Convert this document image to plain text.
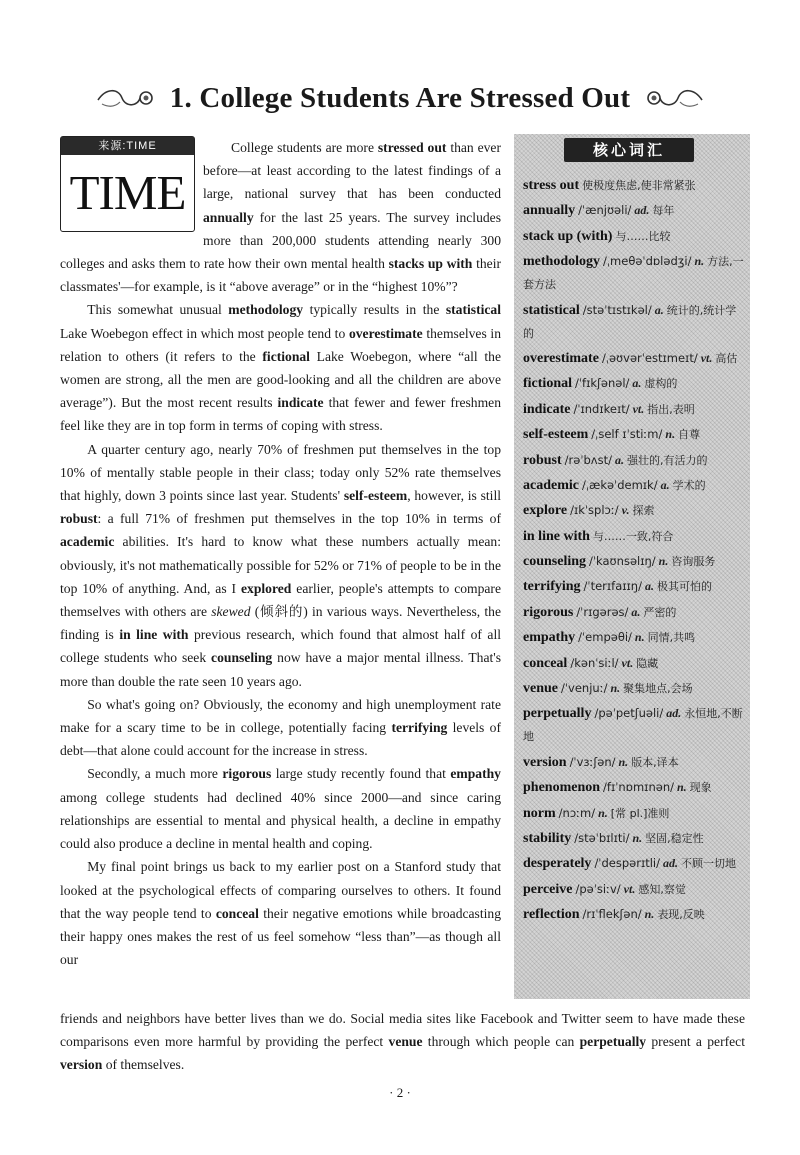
1. College Students Are Stressed Out
来源:TIME
TIME

College students are more stressed out than ever before—at least according to the latest findings of a large, national survey that has been conducted annually for the last 25 years. The survey includes more than 200,000 students attending nearly 300 colleges and asks them to rate how their own mental health stacks up with their classmates'—for example, is it “above average” or in the “highest 10%”?

This somewhat unusual methodology typically results in the statistical Lake Woebegon effect in which most people tend to overestimate themselves in relation to others (it refers to the fictional Lake Woebegon, where “all the women are strong, all the men are good-looking and all the children are above average”). But the most recent results indicate that fewer and fewer freshmen feel like they are in top form in terms of coping with stress.

A quarter century ago, nearly 70% of freshmen put themselves in the top 10% of mentally stable people in their class; today only 52% rate themselves that highly, down 3 points since last year. Students' self-esteem, however, is still robust: a full 71% of freshmen put themselves in the top 10% in terms of academic abilities. It's hard to know what these numbers actually mean: obviously, it's not mathematically possible for 52% or 71% of people to be in the top 10% of anything. And, as I explored earlier, people's attempts to compare themselves with others are skewed (倾斜的) in various ways. Nevertheless, the finding is in line with previous research, which found that almost half of all college students who seek counseling now have a major mental illness. That's more than double the rate seen 10 years ago.

So what's going on? Obviously, the economy and high unemployment rate make for a scary time to be in college, potentially facing terrifying levels of debt—that alone could account for the increase in stress.

Secondly, a much more rigorous large study recently found that empathy among college students had declined 40% since 2000—and since caring relationships are essential to mental and physical health, a decline in empathy could also produce a decline in mental health and coping.

My final point brings us back to my earlier post on a Stanford study that looked at the psychological effects of comparing ourselves to others. It found that the way people tend to conceal their negative emotions while broadcasting their happy ones makes the rest of us feel somehow “less than”—as though all our

friends and neighbors have better lives than we do. Social media sites like Facebook and Twitter seem to have made these comparisons even more harmful by providing the perfect venue through which people can perpetually present a perfect version of themselves.

核心词汇
stress out 使极度焦虑,使非常紧张
annually /ˈænjʊəli/ ad. 每年
stack up (with) 与……比较
methodology /ˌmeθəˈdɒlədʒi/ n. 方法,一套方法
statistical /stəˈtɪstɪkəl/ a. 统计的,统计学的
overestimate /ˌəʊvərˈestɪmeɪt/ vt. 高估
fictional /ˈfɪkʃənəl/ a. 虚构的
indicate /ˈɪndɪkeɪt/ vt. 指出,表明
self-esteem /ˌself ɪˈstiːm/ n. 自尊
robust /rəˈbʌst/ a. 强壮的,有活力的
academic /ˌækəˈdemɪk/ a. 学术的
explore /ɪkˈsplɔː/ v. 探索
in line with 与……一致,符合
counseling /ˈkaʊnsəlɪŋ/ n. 咨询服务
terrifying /ˈterɪfaɪɪŋ/ a. 极其可怕的
rigorous /ˈrɪgərəs/ a. 严密的
empathy /ˈempəθi/ n. 同情,共鸣
conceal /kənˈsiːl/ vt. 隐藏
venue /ˈvenjuː/ n. 聚集地点,会场
perpetually /pəˈpetʃuəli/ ad. 永恒地,不断地
version /ˈvɜːʃən/ n. 版本,译本
phenomenon /fɪˈnɒmɪnən/ n. 现象
norm /nɔːm/ n. [常 pl.]准则
stability /stəˈbɪlɪti/ n. 坚固,稳定性
desperately /ˈdespərɪtli/ ad. 不顾一切地
perceive /pəˈsiːv/ vt. 感知,察觉
reflection /rɪˈflekʃən/ n. 表现,反映
· 2 ·
